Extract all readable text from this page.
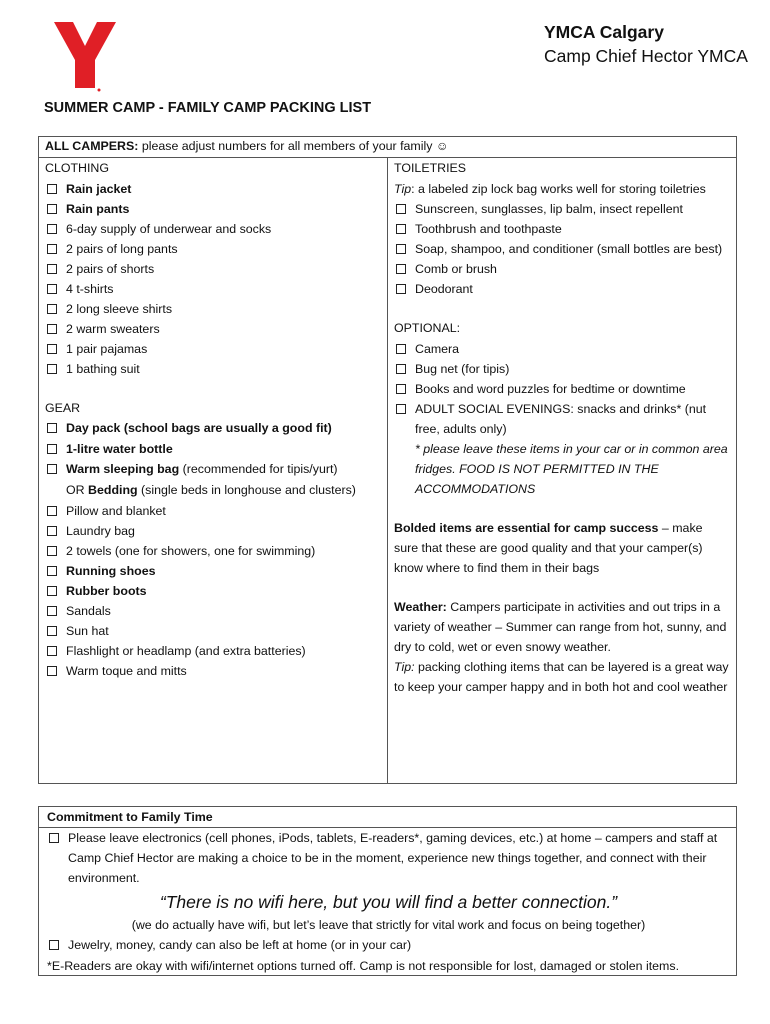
YMCA Calgary
Camp Chief Hector YMCA
SUMMER CAMP - FAMILY CAMP PACKING LIST
ALL CAMPERS: please adjust numbers for all members of your family ☺
CLOTHING
Rain jacket
Rain pants
6-day supply of underwear and socks
2 pairs of long pants
2 pairs of shorts
4 t-shirts
2 long sleeve shirts
2 warm sweaters
1 pair pajamas
1 bathing suit
GEAR
Day pack (school bags are usually a good fit)
1-litre water bottle
Warm sleeping bag (recommended for tipis/yurt)
OR Bedding (single beds in longhouse and clusters)
Pillow and blanket
Laundry bag
2 towels (one for showers, one for swimming)
Running shoes
Rubber boots
Sandals
Sun hat
Flashlight or headlamp (and extra batteries)
Warm toque and mitts
TOILETRIES
Tip: a labeled zip lock bag works well for storing toiletries
Sunscreen, sunglasses, lip balm, insect repellent
Toothbrush and toothpaste
Soap, shampoo, and conditioner (small bottles are best)
Comb or brush
Deodorant
OPTIONAL:
Camera
Bug net (for tipis)
Books and word puzzles for bedtime or downtime
ADULT SOCIAL EVENINGS: snacks and drinks* (nut free, adults only)
* please leave these items in your car or in common area fridges. FOOD IS NOT PERMITTED IN THE ACCOMMODATIONS
Bolded items are essential for camp success – make sure that these are good quality and that your camper(s) know where to find them in their bags
Weather: Campers participate in activities and out trips in a variety of weather – Summer can range from hot, sunny, and dry to cold, wet or even snowy weather.
Tip: packing clothing items that can be layered is a great way to keep your camper happy and in both hot and cool weather
Commitment to Family Time
Please leave electronics (cell phones, iPods, tablets, E-readers*, gaming devices, etc.) at home – campers and staff at Camp Chief Hector are making a choice to be in the moment, experience new things together, and connect with their environment.
“There is no wifi here, but you will find a better connection.”
(we do actually have wifi, but let’s leave that strictly for vital work and focus on being together)
Jewelry, money, candy can also be left at home (or in your car)
*E-Readers are okay with wifi/internet options turned off. Camp is not responsible for lost, damaged or stolen items.
